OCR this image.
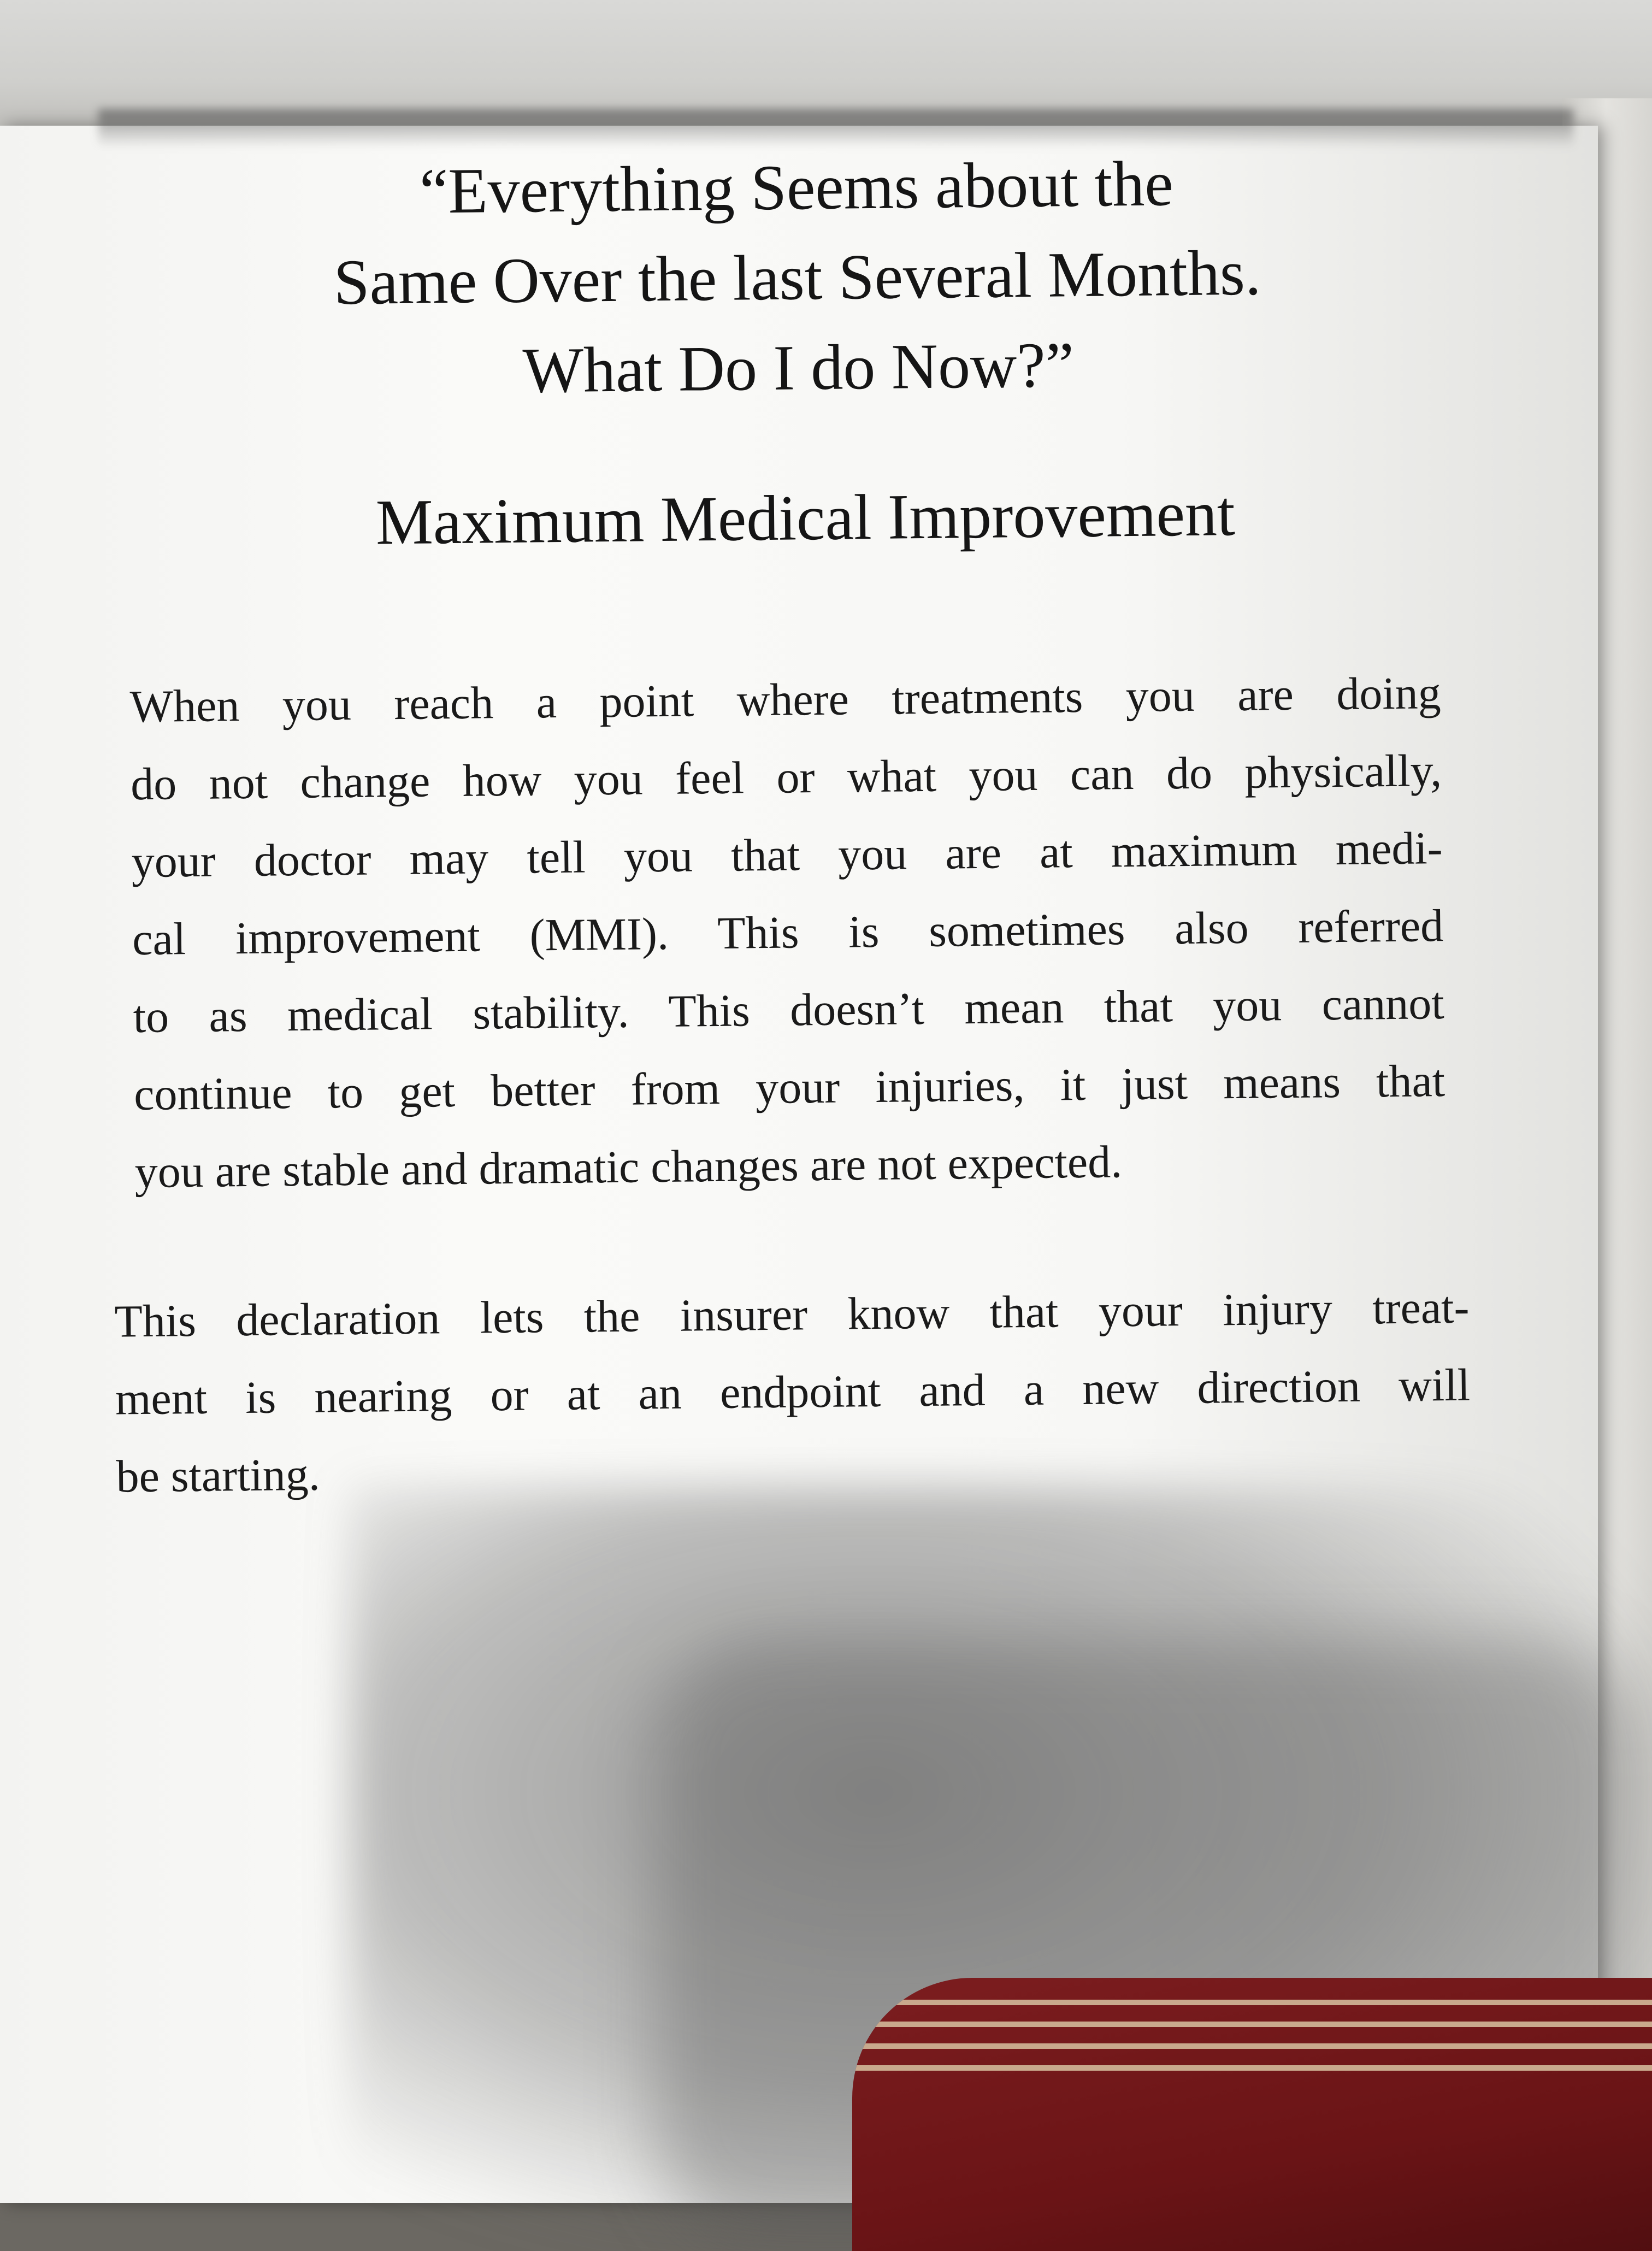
“Everything Seems about the
Same Over the last Several Months.
What Do I do Now?”
Maximum Medical Improvement

When you reach a point where treatments you are doing
do not change how you feel or what you can do physically,
your doctor may tell you that you are at maximum medi-
cal improvement (MMI). This is sometimes also referred
to as medical stability. This doesn’t mean that you cannot
continue to get better from your injuries, it just means that
you are stable and dramatic changes are not expected.

This declaration lets the insurer know that your injury treat-
ment is nearing or at an endpoint and a new direction will
be starting.
